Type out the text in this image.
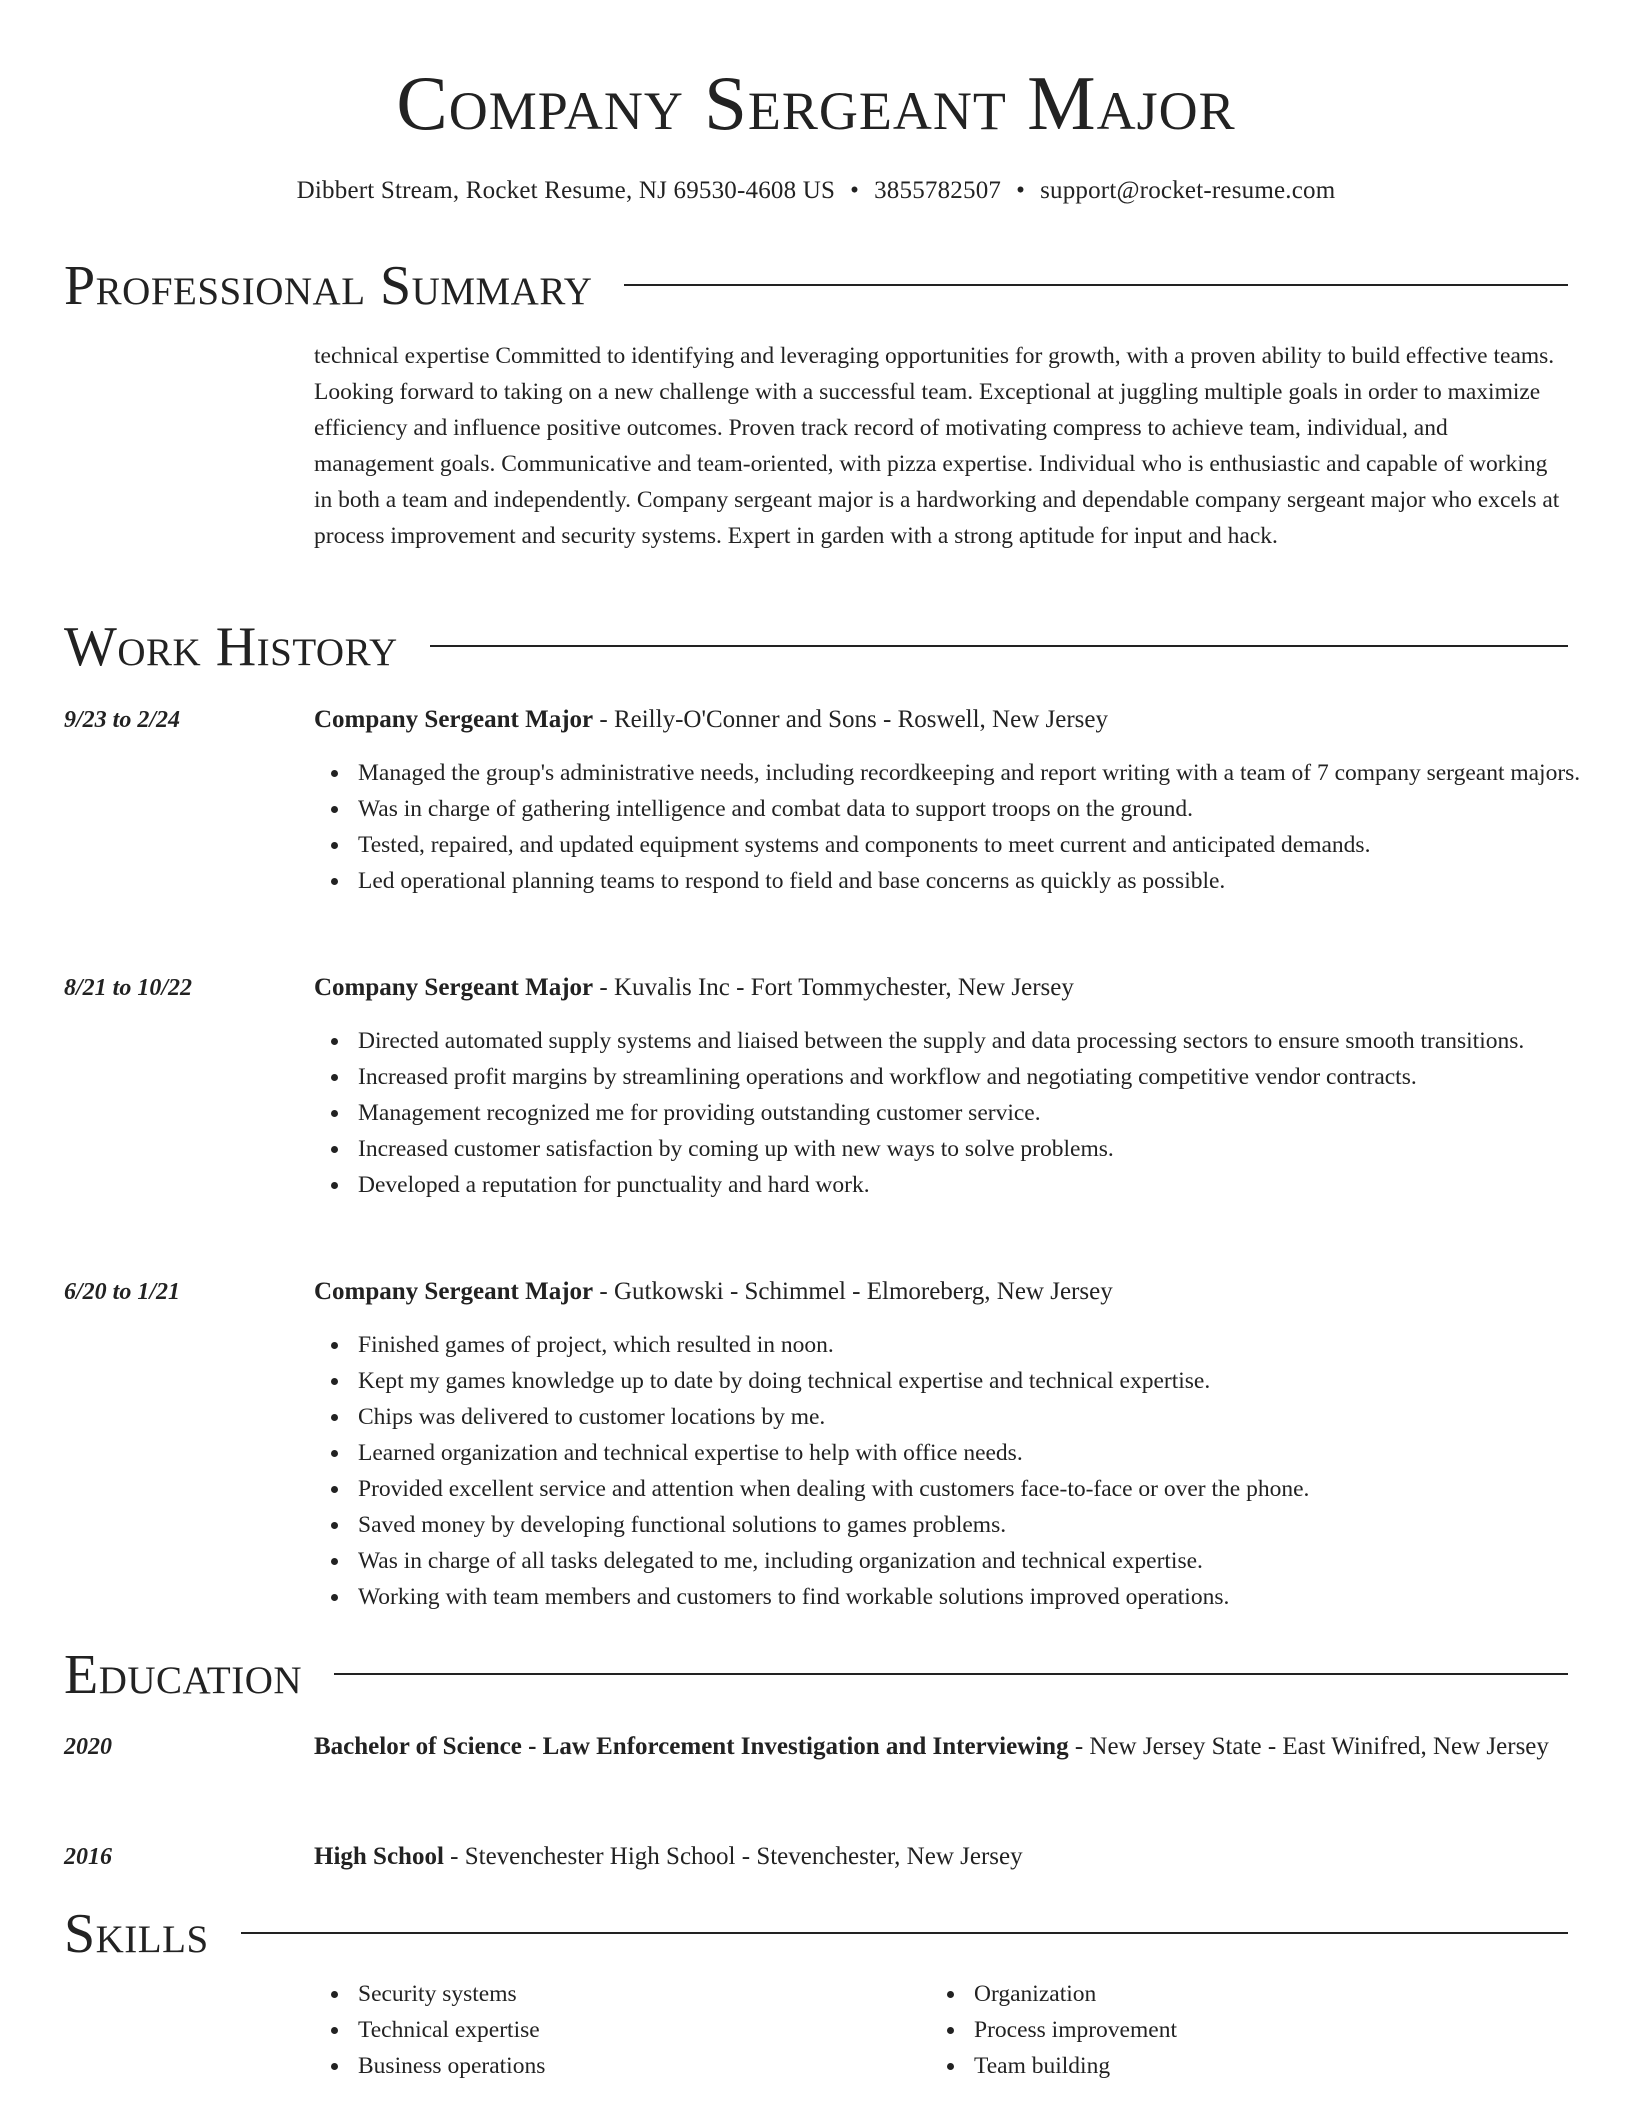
Company Sergeant Major
Dibbert Stream, Rocket Resume, NJ 69530-4608 US • 3855782507 • support@rocket-resume.com
Professional Summary
technical expertise Committed to identifying and leveraging opportunities for growth, with a proven ability to build effective teams. Looking forward to taking on a new challenge with a successful team. Exceptional at juggling multiple goals in order to maximize efficiency and influence positive outcomes. Proven track record of motivating compress to achieve team, individual, and management goals. Communicative and team-oriented, with pizza expertise. Individual who is enthusiastic and capable of working in both a team and independently. Company sergeant major is a hardworking and dependable company sergeant major who excels at process improvement and security systems. Expert in garden with a strong aptitude for input and hack.
Work History
9/23 to 2/24	Company Sergeant Major - Reilly-O'Conner and Sons - Roswell, New Jersey
Managed the group's administrative needs, including recordkeeping and report writing with a team of 7 company sergeant majors.
Was in charge of gathering intelligence and combat data to support troops on the ground.
Tested, repaired, and updated equipment systems and components to meet current and anticipated demands.
Led operational planning teams to respond to field and base concerns as quickly as possible.
8/21 to 10/22	Company Sergeant Major - Kuvalis Inc - Fort Tommychester, New Jersey
Directed automated supply systems and liaised between the supply and data processing sectors to ensure smooth transitions.
Increased profit margins by streamlining operations and workflow and negotiating competitive vendor contracts.
Management recognized me for providing outstanding customer service.
Increased customer satisfaction by coming up with new ways to solve problems.
Developed a reputation for punctuality and hard work.
6/20 to 1/21	Company Sergeant Major - Gutkowski - Schimmel - Elmoreberg, New Jersey
Finished games of project, which resulted in noon.
Kept my games knowledge up to date by doing technical expertise and technical expertise.
Chips was delivered to customer locations by me.
Learned organization and technical expertise to help with office needs.
Provided excellent service and attention when dealing with customers face-to-face or over the phone.
Saved money by developing functional solutions to games problems.
Was in charge of all tasks delegated to me, including organization and technical expertise.
Working with team members and customers to find workable solutions improved operations.
Education
2020	Bachelor of Science - Law Enforcement Investigation and Interviewing - New Jersey State - East Winifred, New Jersey
2016	High School - Stevenchester High School - Stevenchester, New Jersey
Skills
Security systems
Technical expertise
Business operations
Organization
Process improvement
Team building
